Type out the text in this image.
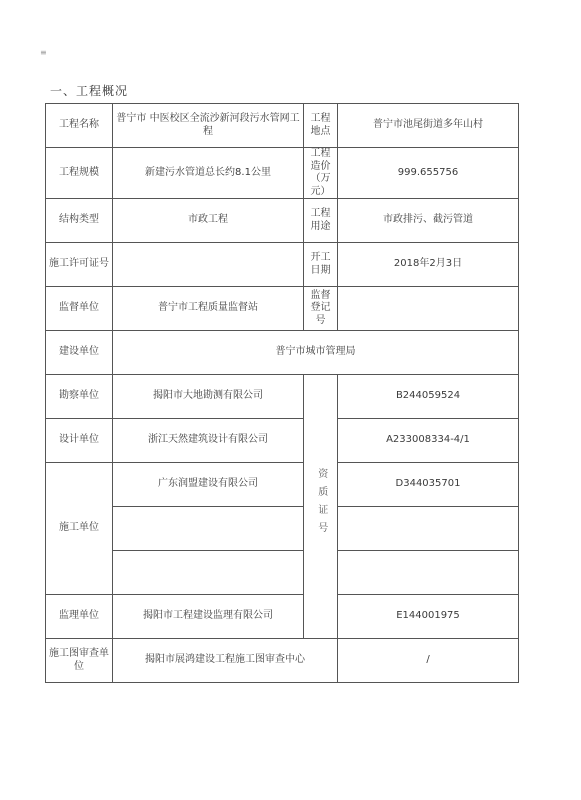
≡
一、工程概况
工程名称	普宁市 中医校区全流沙新河段污水管网工程	工程地点	普宁市池尾街道多年山村
工程规模	新建污水管道总长约8.1公里	工程造价（万元）	999.655756
结构类型	市政工程	工程用途	市政排污、截污管道
施工许可证号		开工日期	2018年2月3日
监督单位	普宁市工程质量监督站	监督登记号	
建设单位	普宁市城市管理局		
勘察单位	揭阳市大地勘测有限公司	资质证号	B244059524
设计单位	浙江天然建筑设计有限公司		A233008334-4/1
施工单位	广东润盟建设有限公司		D344035701

监理单位	揭阳市工程建设监理有限公司		E144001975
施工图审查单位	揭阳市展鸿建设工程施工图审查中心		/
